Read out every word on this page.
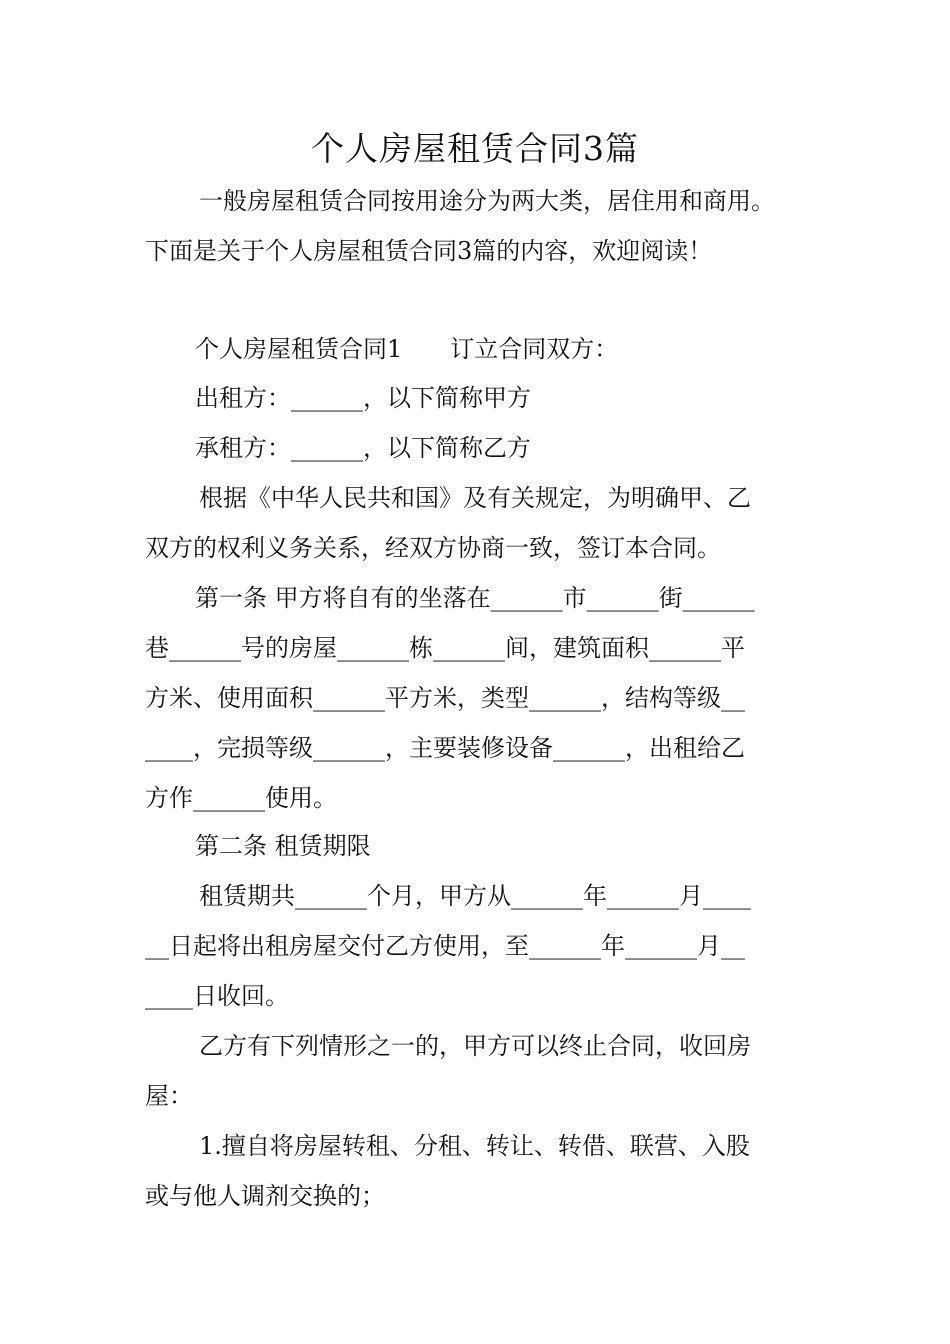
个人房屋租赁合同3篇
一般房屋租赁合同按用途分为两大类，居住用和商用。
下面是关于个人房屋租赁合同3篇的内容，欢迎阅读！
个人房屋租赁合同1　　订立合同双方：
出租方：______，以下简称甲方
承租方：______，以下简称乙方
根据《中华人民共和国》及有关规定，为明确甲、乙
双方的权利义务关系，经双方协商一致，签订本合同。
第一条 甲方将自有的坐落在______市______街______
巷______号的房屋______栋______间，建筑面积______平
方米、使用面积______平方米，类型______，结构等级__
____，完损等级______，主要装修设备______，出租给乙
方作______使用。
第二条 租赁期限
租赁期共______个月，甲方从______年______月____
__日起将出租房屋交付乙方使用，至______年______月__
____日收回。
乙方有下列情形之一的，甲方可以终止合同，收回房
屋：
1.擅自将房屋转租、分租、转让、转借、联营、入股
或与他人调剂交换的；
